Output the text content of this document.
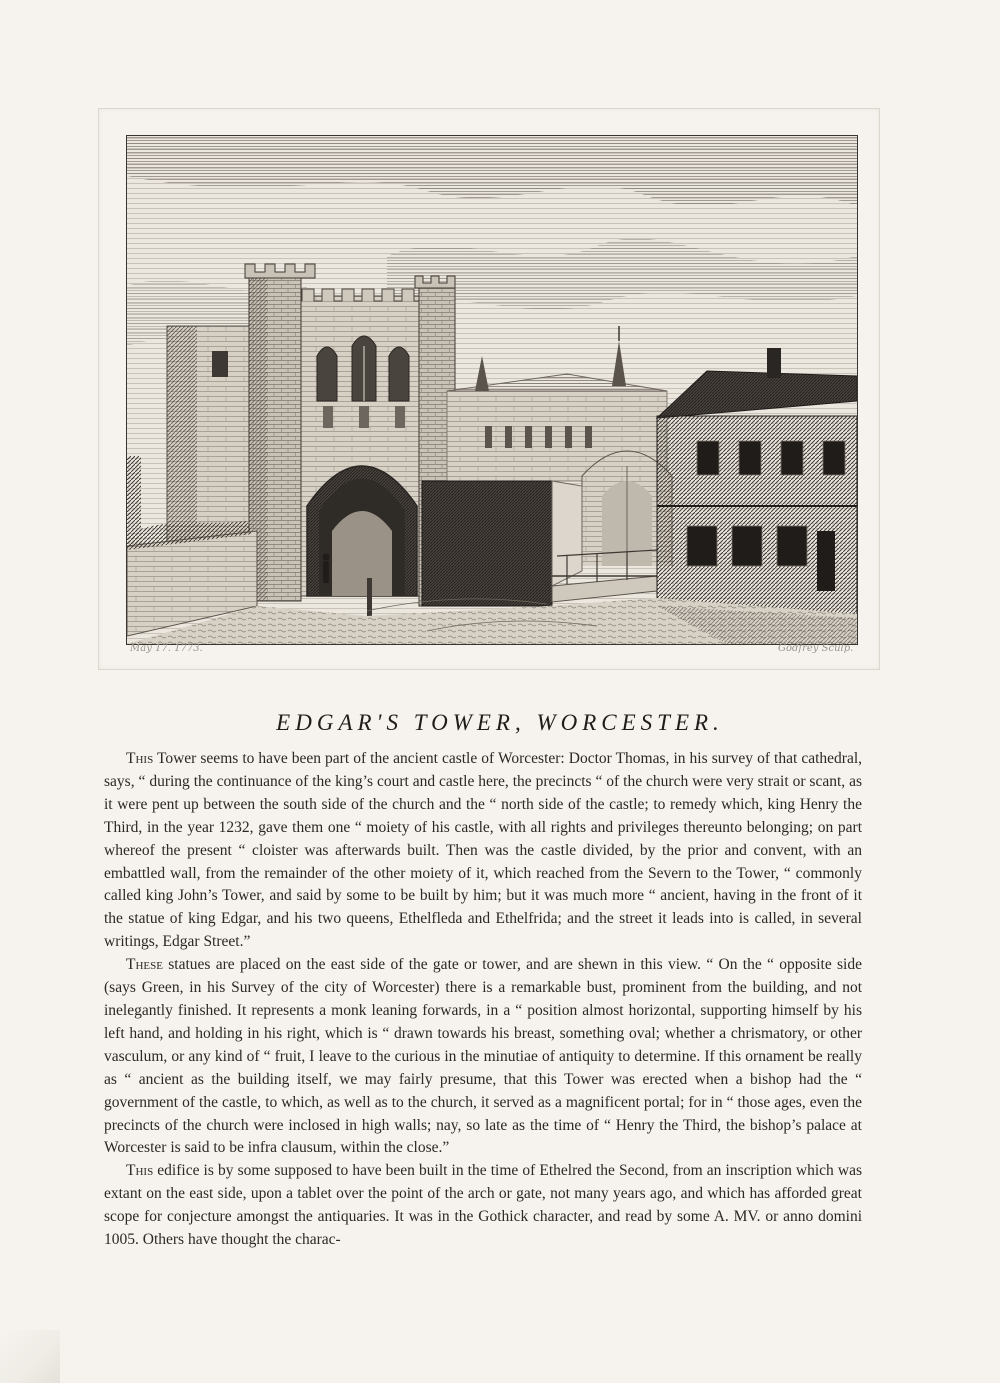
May 17. 1773.	Godfrey Sculp.
EDGAR'S TOWER, WORCESTER.

This Tower seems to have been part of the ancient castle of Worcester: Doctor Thomas, in his survey of that cathedral, says, “ during the continuance of the king’s court and castle here, the precincts “ of the church were very strait or scant, as it were pent up between the south side of the church and the “ north side of the castle; to remedy which, king Henry the Third, in the year 1232, gave them one “ moiety of his castle, with all rights and privileges thereunto belonging; on part whereof the present “ cloister was afterwards built. Then was the castle divided, by the prior and convent, with an embattled wall, from the remainder of the other moiety of it, which reached from the Severn to the Tower, “ commonly called king John’s Tower, and said by some to be built by him; but it was much more “ ancient, having in the front of it the statue of king Edgar, and his two queens, Ethelfleda and Ethelfrida; and the street it leads into is called, in several writings, Edgar Street.”

These statues are placed on the east side of the gate or tower, and are shewn in this view. “ On the “ opposite side (says Green, in his Survey of the city of Worcester) there is a remarkable bust, prominent from the building, and not inelegantly finished. It represents a monk leaning forwards, in a “ position almost horizontal, supporting himself by his left hand, and holding in his right, which is “ drawn towards his breast, something oval; whether a chrismatory, or other vasculum, or any kind of “ fruit, I leave to the curious in the minutiae of antiquity to determine. If this ornament be really as “ ancient as the building itself, we may fairly presume, that this Tower was erected when a bishop had the “ government of the castle, to which, as well as to the church, it served as a magnificent portal; for in “ those ages, even the precincts of the church were inclosed in high walls; nay, so late as the time of “ Henry the Third, the bishop’s palace at Worcester is said to be infra clausum, within the close.”

This edifice is by some supposed to have been built in the time of Ethelred the Second, from an inscription which was extant on the east side, upon a tablet over the point of the arch or gate, not many years ago, and which has afforded great scope for conjecture amongst the antiquaries. It was in the Gothick character, and read by some A. MV. or anno domini 1005. Others have thought the charac-
